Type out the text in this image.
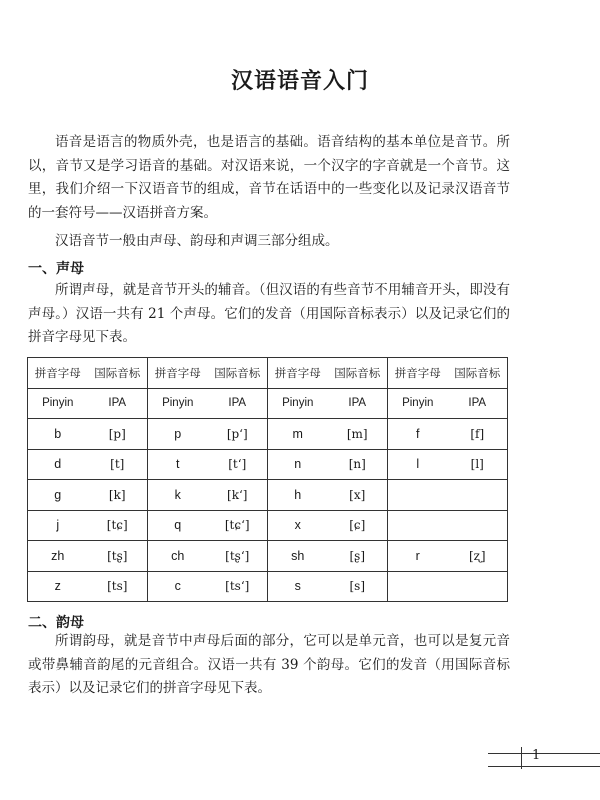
汉语语音入门

语音是语言的物质外壳，也是语言的基础。语音结构的基本单位是音节。所以，音节又是学习语音的基础。对汉语来说，一个汉字的字音就是一个音节。这里，我们介绍一下汉语音节的组成，音节在话语中的一些变化以及记录汉语音节的一套符号——汉语拼音方案。

汉语音节一般由声母、韵母和声调三部分组成。

一、声母

所谓声母，就是音节开头的辅音。（但汉语的有些音节不用辅音开头，即没有声母。）汉语一共有 21 个声母。它们的发音（用国际音标表示）以及记录它们的拼音字母见下表。

拼音字母 国际音标	拼音字母 国际音标	拼音字母 国际音标	拼音字母 国际音标

Pinyin IPA	Pinyin IPA	Pinyin IPA	Pinyin IPA

b [p]	p [pʻ]	m [m]	f [f]

d [t]	t [tʻ]	n [n]	l [l]

g [k]	k [kʻ]	h [x]	

j [tɕ]	q [tɕʻ]	x [ɕ]	

zh [tʂ]	ch [tʂʻ]	sh [ʂ]	r [ʐ]

z [ts]	c [tsʻ]	s [s]	

二、韵母

所谓韵母，就是音节中声母后面的部分，它可以是单元音，也可以是复元音或带鼻辅音韵尾的元音组合。汉语一共有 39 个韵母。它们的发音（用国际音标表示）以及记录它们的拼音字母见下表。

1
